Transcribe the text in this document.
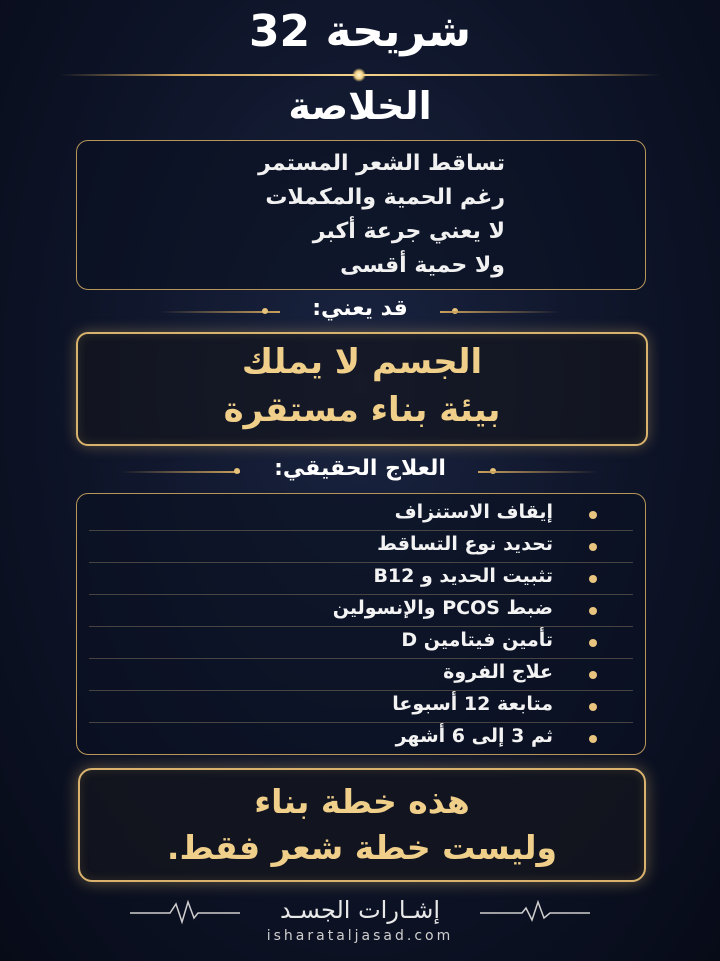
شريحة 32
الخلاصة
تساقط الشعر المستمر
رغم الحمية والمكملات
لا يعني جرعة أكبر
ولا حمية أقسى
قد يعني:
الجسم لا يملك
بيئة بناء مستقرة
العلاج الحقيقي:
إيقاف الاستنزاف
تحديد نوع التساقط
تثبيت الحديد و B12
ضبط PCOS والإنسولين
تأمين فيتامين D
علاج الفروة
متابعة 12 أسبوعا
ثم 3 إلى 6 أشهر
هذه خطة بناء
وليست خطة شعر فقط.
إشـارات الجسـد
isharataljasad.com
